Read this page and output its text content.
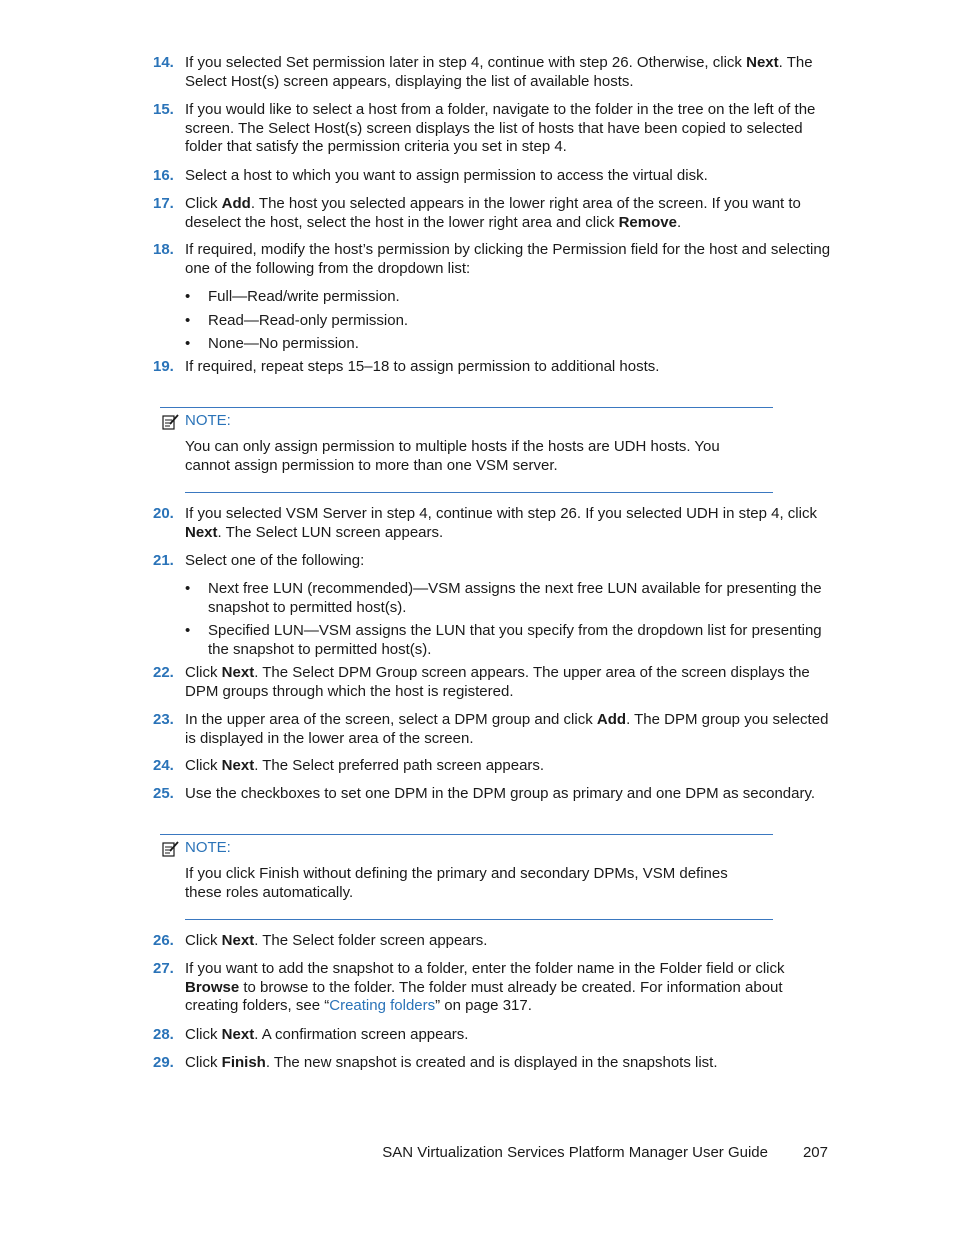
14. If you selected Set permission later in step 4, continue with step 26. Otherwise, click Next. The Select Host(s) screen appears, displaying the list of available hosts.
15. If you would like to select a host from a folder, navigate to the folder in the tree on the left of the screen. The Select Host(s) screen displays the list of hosts that have been copied to selected folder that satisfy the permission criteria you set in step 4.
16. Select a host to which you want to assign permission to access the virtual disk.
17. Click Add. The host you selected appears in the lower right area of the screen. If you want to deselect the host, select the host in the lower right area and click Remove.
18. If required, modify the host’s permission by clicking the Permission field for the host and selecting one of the following from the dropdown list:
• Full—Read/write permission.
• Read—Read-only permission.
• None—No permission.
19. If required, repeat steps 15–18 to assign permission to additional hosts.
NOTE:
You can only assign permission to multiple hosts if the hosts are UDH hosts. You cannot assign permission to more than one VSM server.
20. If you selected VSM Server in step 4, continue with step 26. If you selected UDH in step 4, click Next. The Select LUN screen appears.
21. Select one of the following:
• Next free LUN (recommended)—VSM assigns the next free LUN available for presenting the snapshot to permitted host(s).
• Specified LUN—VSM assigns the LUN that you specify from the dropdown list for presenting the snapshot to permitted host(s).
22. Click Next. The Select DPM Group screen appears. The upper area of the screen displays the DPM groups through which the host is registered.
23. In the upper area of the screen, select a DPM group and click Add. The DPM group you selected is displayed in the lower area of the screen.
24. Click Next. The Select preferred path screen appears.
25. Use the checkboxes to set one DPM in the DPM group as primary and one DPM as secondary.
NOTE:
If you click Finish without defining the primary and secondary DPMs, VSM defines these roles automatically.
26. Click Next. The Select folder screen appears.
27. If you want to add the snapshot to a folder, enter the folder name in the Folder field or click Browse to browse to the folder. The folder must already be created. For information about creating folders, see “Creating folders” on page 317.
28. Click Next. A confirmation screen appears.
29. Click Finish. The new snapshot is created and is displayed in the snapshots list.
SAN Virtualization Services Platform Manager User Guide 207
